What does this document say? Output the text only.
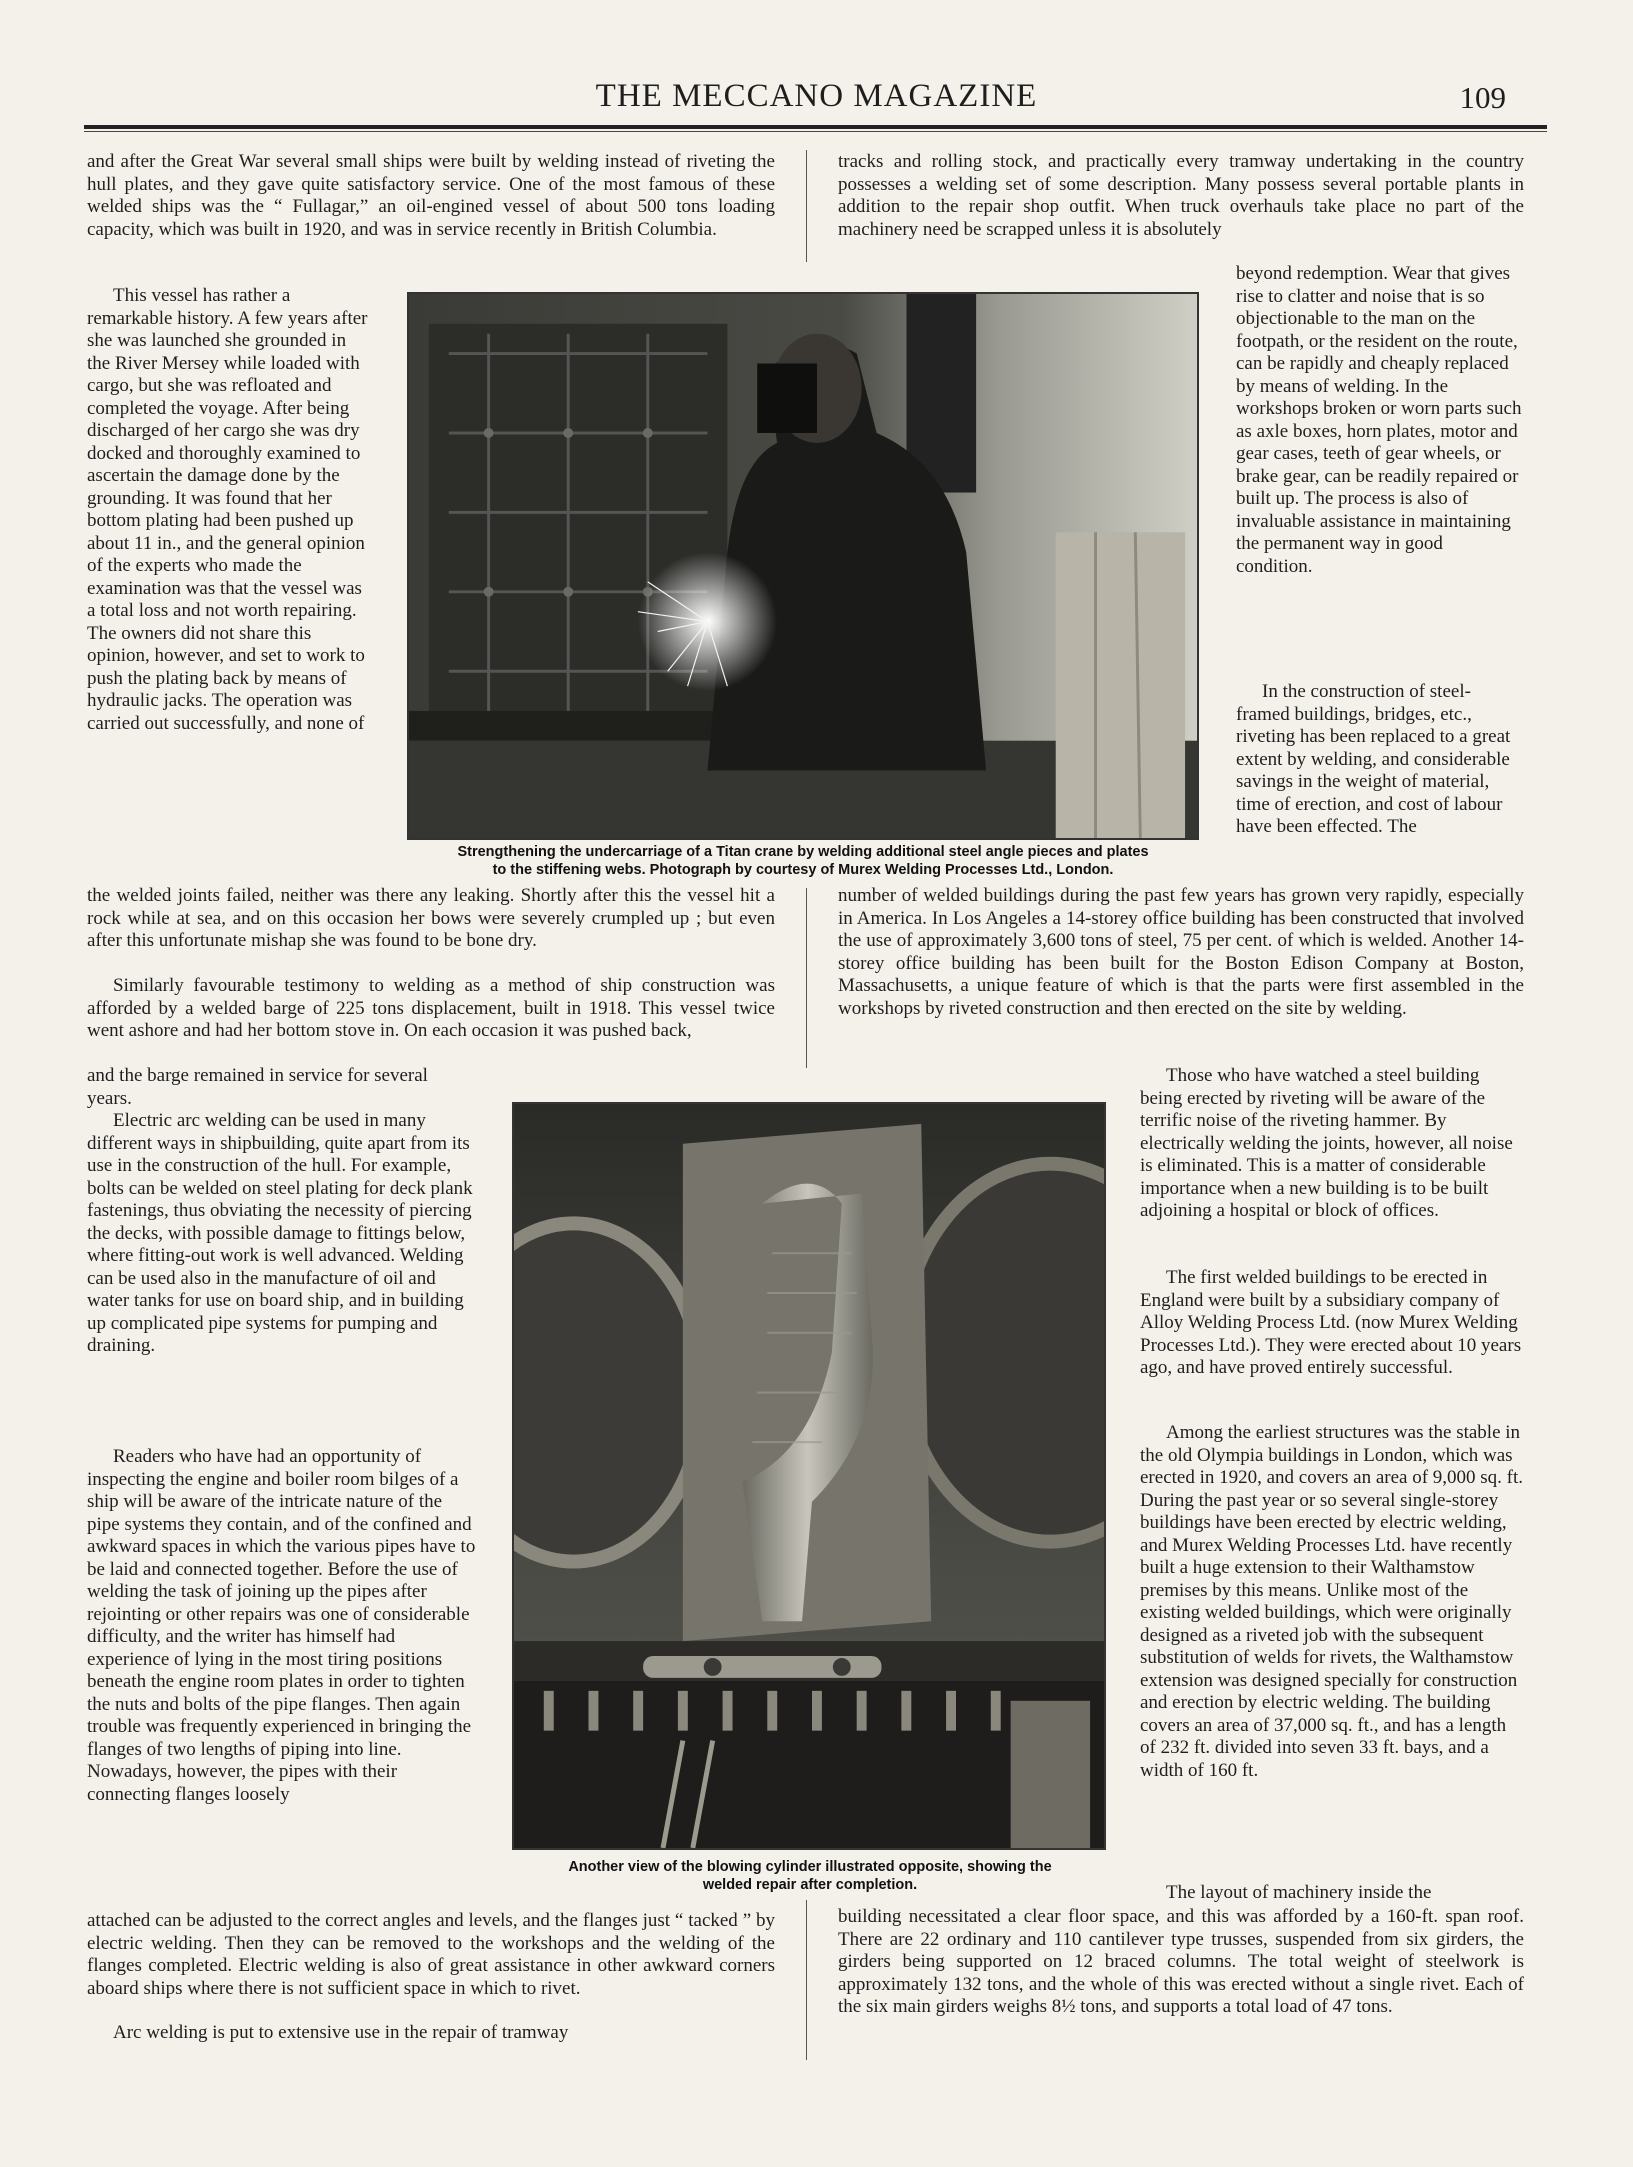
THE MECCANO MAGAZINE	109

and after the Great War several small ships were built by welding instead of riveting the hull plates, and they gave quite satisfactory service. One of the most famous of these welded ships was the “ Fullagar,” an oil-engined vessel of about 500 tons loading capacity, which was built in 1920, and was in service recently in British Columbia.

This vessel has rather a remarkable history. A few years after she was launched she grounded in the River Mersey while loaded with cargo, but she was refloated and completed the voyage. After being discharged of her cargo she was dry docked and thoroughly examined to ascertain the damage done by the grounding. It was found that her bottom plating had been pushed up about 11 in., and the general opinion of the experts who made the examination was that the vessel was a total loss and not worth repairing. The owners did not share this opinion, however, and set to work to push the plating back by means of hydraulic jacks. The operation was carried out successfully, and none of

the welded joints failed, neither was there any leaking. Shortly after this the vessel hit a rock while at sea, and on this occasion her bows were severely crumpled up ; but even after this unfortunate mishap she was found to be bone dry.

Similarly favourable testimony to welding as a method of ship construction was afforded by a welded barge of 225 tons displacement, built in 1918. This vessel twice went ashore and had her bottom stove in. On each occasion it was pushed back,

and the barge remained in service for several years.

Electric arc welding can be used in many different ways in shipbuilding, quite apart from its use in the construction of the hull. For example, bolts can be welded on steel plating for deck plank fastenings, thus obviating the necessity of piercing the decks, with possible damage to fittings below, where fitting-out work is well advanced. Welding can be used also in the manufacture of oil and water tanks for use on board ship, and in building up complicated pipe systems for pumping and draining.

Readers who have had an opportunity of inspecting the engine and boiler room bilges of a ship will be aware of the intricate nature of the pipe systems they contain, and of the confined and awkward spaces in which the various pipes have to be laid and connected together. Before the use of welding the task of joining up the pipes after rejointing or other repairs was one of considerable difficulty, and the writer has himself had experience of lying in the most tiring positions beneath the engine room plates in order to tighten the nuts and bolts of the pipe flanges. Then again trouble was frequently experienced in bringing the flanges of two lengths of piping into line. Nowadays, however, the pipes with their connecting flanges loosely

attached can be adjusted to the correct angles and levels, and the flanges just “ tacked ” by electric welding. Then they can be removed to the workshops and the welding of the flanges completed. Electric welding is also of great assistance in other awkward corners aboard ships where there is not sufficient space in which to rivet.

Arc welding is put to extensive use in the repair of tramway

tracks and rolling stock, and practically every tramway undertaking in the country possesses a welding set of some description. Many possess several portable plants in addition to the repair shop outfit. When truck overhauls take place no part of the machinery need be scrapped unless it is absolutely

beyond redemption. Wear that gives rise to clatter and noise that is so objectionable to the man on the footpath, or the resident on the route, can be rapidly and cheaply replaced by means of welding. In the workshops broken or worn parts such as axle boxes, horn plates, motor and gear cases, teeth of gear wheels, or brake gear, can be readily repaired or built up. The process is also of invaluable assistance in maintaining the permanent way in good condition.

In the construction of steel-framed buildings, bridges, etc., riveting has been replaced to a great extent by welding, and considerable savings in the weight of material, time of erection, and cost of labour have been effected. The

number of welded buildings during the past few years has grown very rapidly, especially in America. In Los Angeles a 14-storey office building has been constructed that involved the use of approximately 3,600 tons of steel, 75 per cent. of which is welded. Another 14-storey office building has been built for the Boston Edison Company at Boston, Massachusetts, a unique feature of which is that the parts were first assembled in the workshops by riveted construction and then erected on the site by welding.

Those who have watched a steel building being erected by riveting will be aware of the terrific noise of the riveting hammer. By electrically welding the joints, however, all noise is eliminated. This is a matter of considerable importance when a new building is to be built adjoining a hospital or block of offices.

The first welded buildings to be erected in England were built by a subsidiary company of Alloy Welding Process Ltd. (now Murex Welding Processes Ltd.). They were erected about 10 years ago, and have proved entirely successful.

Among the earliest structures was the stable in the old Olympia buildings in London, which was erected in 1920, and covers an area of 9,000 sq. ft. During the past year or so several single-storey buildings have been erected by electric welding, and Murex Welding Processes Ltd. have recently built a huge extension to their Walthamstow premises by this means. Unlike most of the existing welded buildings, which were originally designed as a riveted job with the subsequent substitution of welds for rivets, the Walthamstow extension was designed specially for construction and erection by electric welding. The building covers an area of 37,000 sq. ft., and has a length of 232 ft. divided into seven 33 ft. bays, and a width of 160 ft.

The layout of machinery inside the

building necessitated a clear floor space, and this was afforded by a 160-ft. span roof. There are 22 ordinary and 110 cantilever type trusses, suspended from six girders, the girders being supported on 12 braced columns. The total weight of steelwork is approximately 132 tons, and the whole of this was erected without a single rivet. Each of the six main girders weighs 8½ tons, and supports a total load of 47 tons.

Strengthening the undercarriage of a Titan crane by welding additional steel angle pieces and plates
to the stiffening webs. Photograph by courtesy of Murex Welding Processes Ltd., London.

Another view of the blowing cylinder illustrated opposite, showing the
welded repair after completion.
